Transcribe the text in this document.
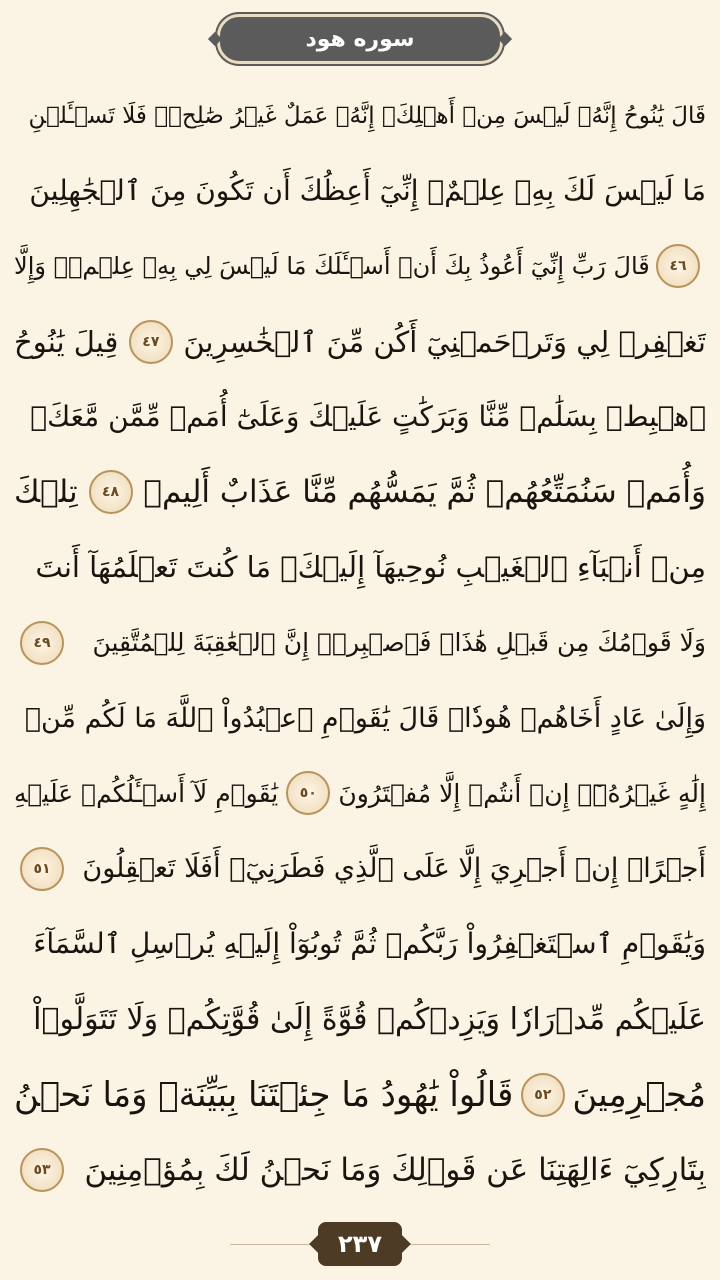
سوره هود
قَالَ يَٰنُوحُ إِنَّهُۥ لَيۡسَ مِنۡ أَهۡلِكَۖ إِنَّهُۥ عَمَلٌ غَيۡرُ صَٰلِحٖۖ فَلَا تَسۡـَٔلۡنِ
مَا لَيۡسَ لَكَ بِهِۦ عِلۡمٌۖ إِنِّيٓ أَعِظُكَ أَن تَكُونَ مِنَ ٱلۡجَٰهِلِينَ
٤٦
قَالَ رَبِّ إِنِّيٓ أَعُوذُ بِكَ أَنۡ أَسۡـَٔلَكَ مَا لَيۡسَ لِي بِهِۦ عِلۡمٞۖ وَإِلَّا
تَغۡفِرۡ لِي وَتَرۡحَمۡنِيٓ أَكُن مِّنَ ٱلۡخَٰسِرِينَ
٤٧
قِيلَ يَٰنُوحُ
ٱهۡبِطۡ بِسَلَٰمٖ مِّنَّا وَبَرَكَٰتٍ عَلَيۡكَ وَعَلَىٰٓ أُمَمٖ مِّمَّن مَّعَكَۚ
وَأُمَمٞ سَنُمَتِّعُهُمۡ ثُمَّ يَمَسُّهُم مِّنَّا عَذَابٌ أَلِيمٞ
٤٨
تِلۡكَ
مِنۡ أَنۢبَآءِ ٱلۡغَيۡبِ نُوحِيهَآ إِلَيۡكَۖ مَا كُنتَ تَعۡلَمُهَآ أَنتَ
وَلَا قَوۡمُكَ مِن قَبۡلِ هَٰذَاۖ فَٱصۡبِرۡۖ إِنَّ ٱلۡعَٰقِبَةَ لِلۡمُتَّقِينَ
٤٩
وَإِلَىٰ عَادٍ أَخَاهُمۡ هُودٗاۚ قَالَ يَٰقَوۡمِ ٱعۡبُدُواْ ٱللَّهَ مَا لَكُم مِّنۡ
إِلَٰهٍ غَيۡرُهُۥٓۖ إِنۡ أَنتُمۡ إِلَّا مُفۡتَرُونَ
٥٠
يَٰقَوۡمِ لَآ أَسۡـَٔلُكُمۡ عَلَيۡهِ
أَجۡرًاۖ إِنۡ أَجۡرِيَ إِلَّا عَلَى ٱلَّذِي فَطَرَنِيٓۚ أَفَلَا تَعۡقِلُونَ
٥١
وَيَٰقَوۡمِ ٱسۡتَغۡفِرُواْ رَبَّكُمۡ ثُمَّ تُوبُوٓاْ إِلَيۡهِ يُرۡسِلِ ٱلسَّمَآءَ
عَلَيۡكُم مِّدۡرَارٗا وَيَزِدۡكُمۡ قُوَّةً إِلَىٰ قُوَّتِكُمۡ وَلَا تَتَوَلَّوۡاْ
مُجۡرِمِينَ
٥٢
قَالُواْ يَٰهُودُ مَا جِئۡتَنَا بِبَيِّنَةٖ وَمَا نَحۡنُ
بِتَارِكِيٓ ءَالِهَتِنَا عَن قَوۡلِكَ وَمَا نَحۡنُ لَكَ بِمُؤۡمِنِينَ
٥٣
٢٣٧
